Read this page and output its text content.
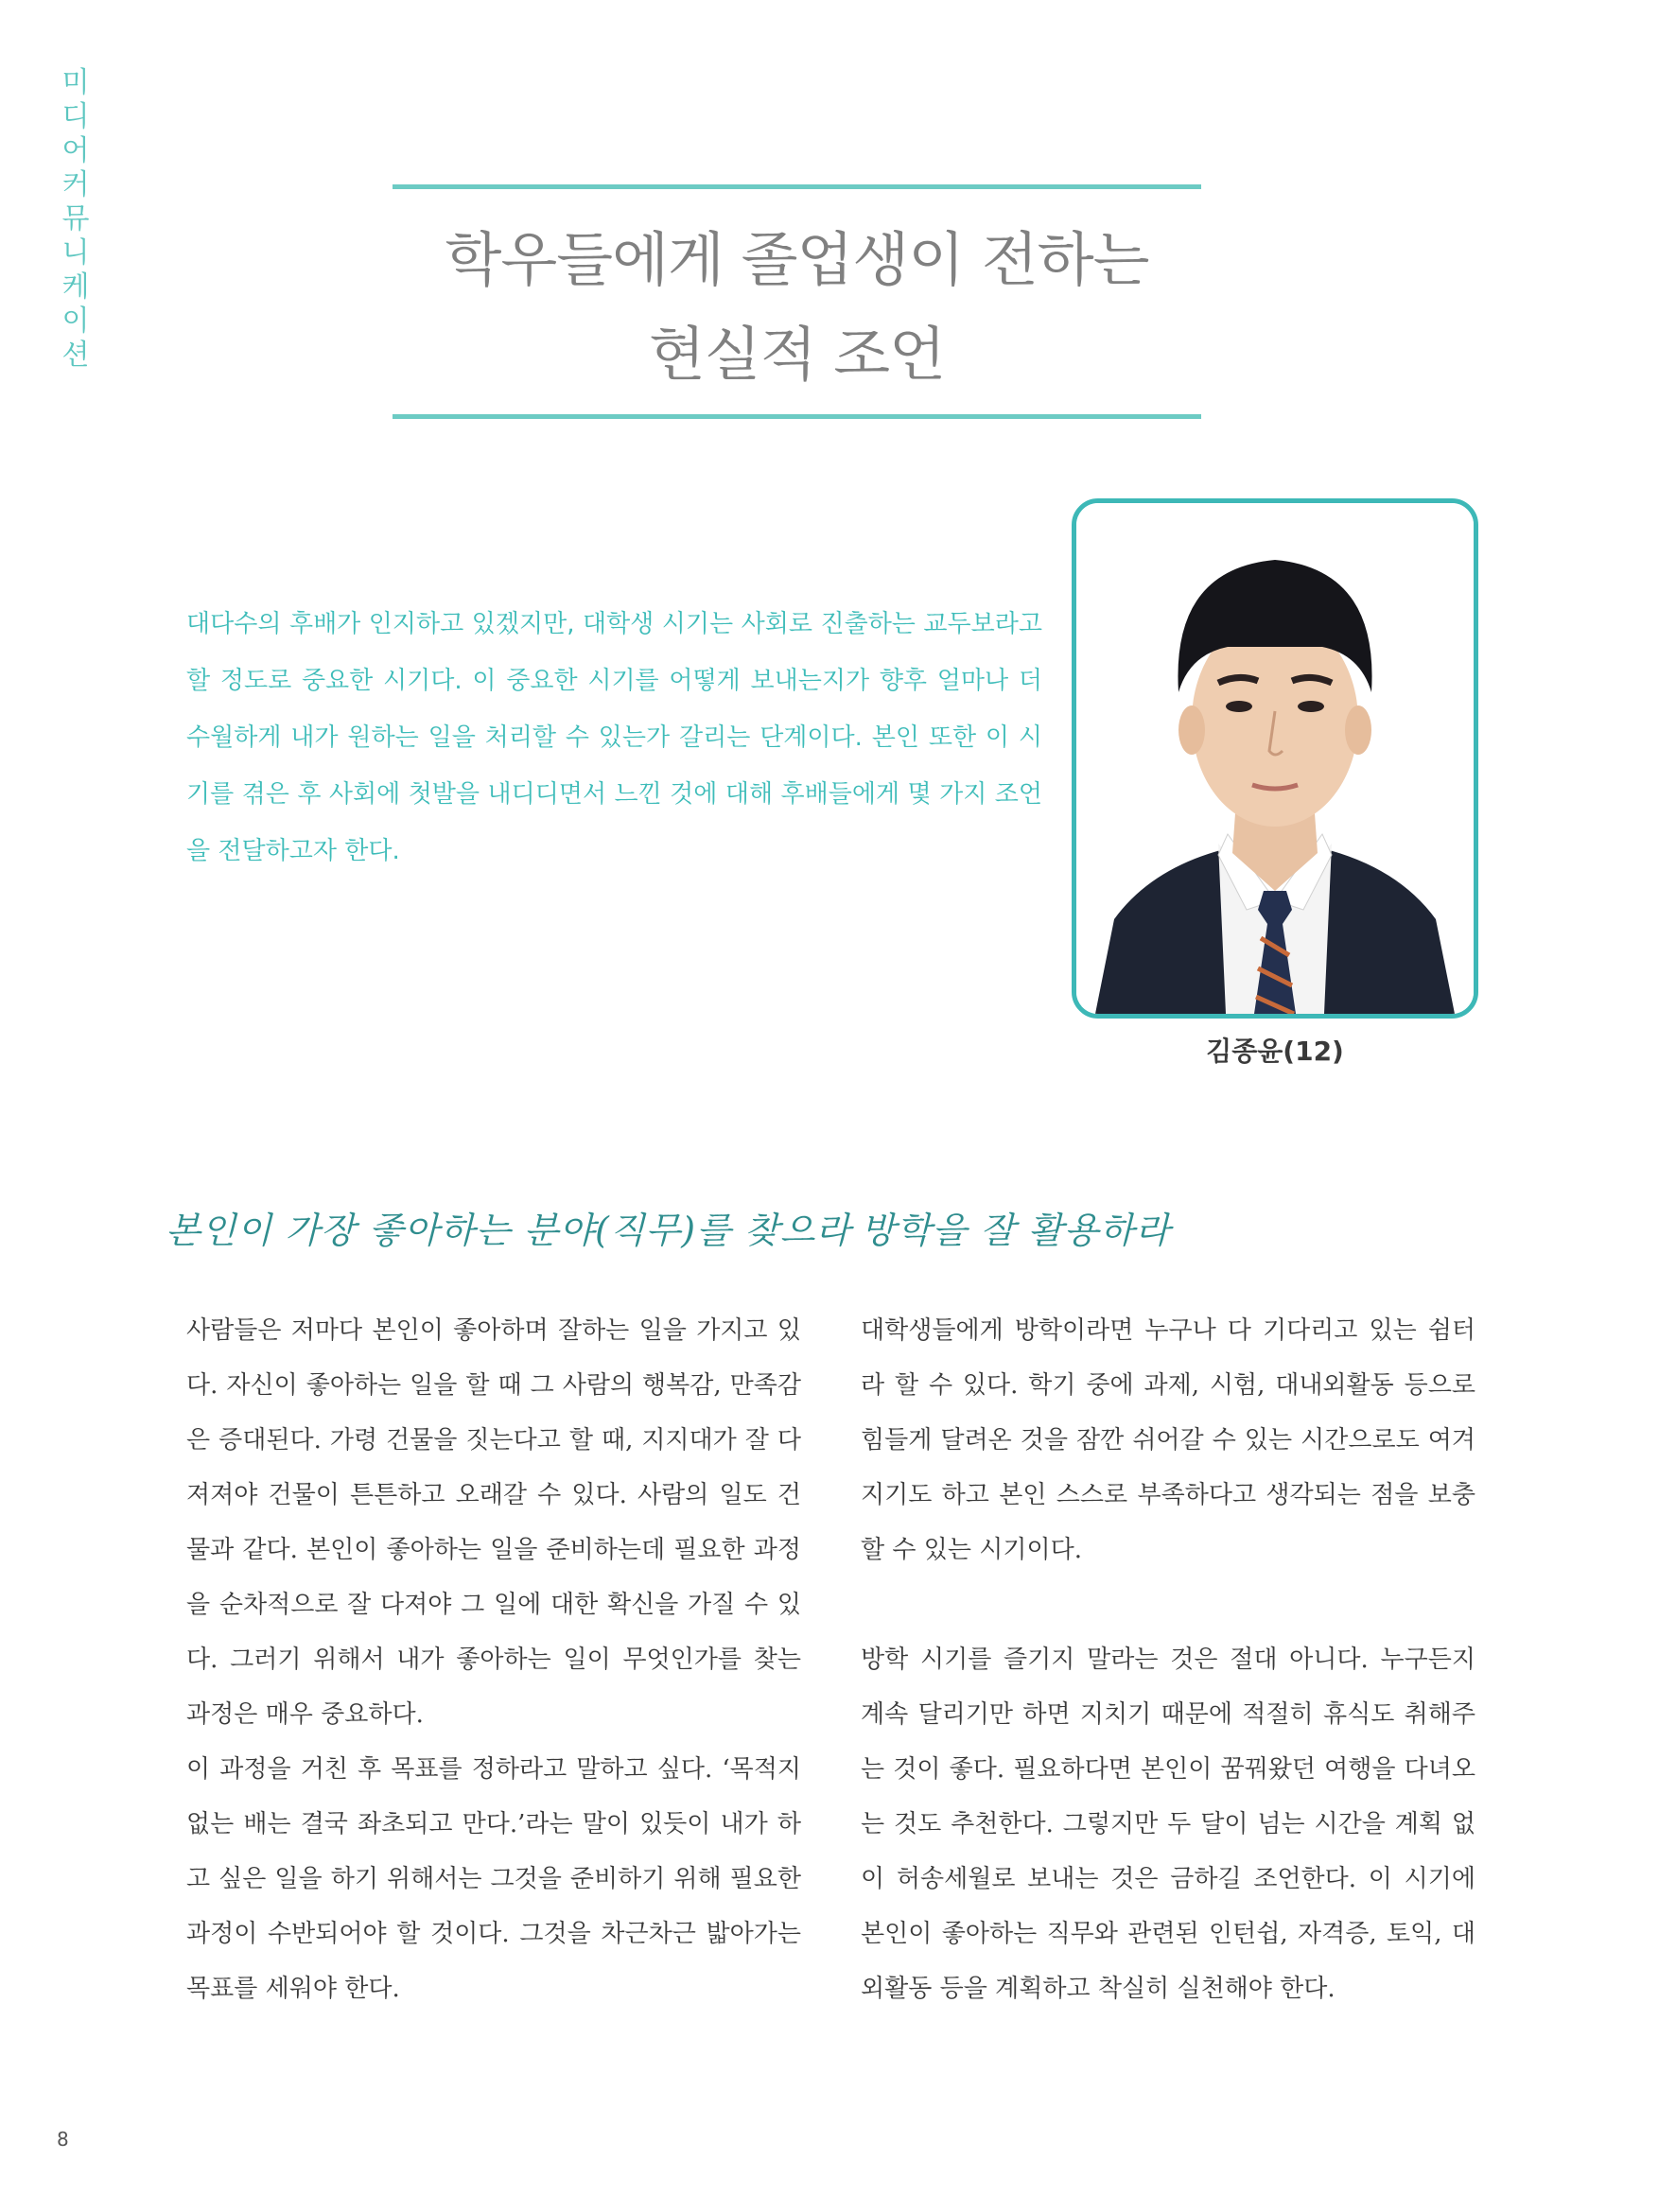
미
디
어
커
뮤
니
케
이
션
학우들에게 졸업생이 전하는
현실적 조언
대다수의 후배가 인지하고 있겠지만, 대학생 시기는 사회로 진출하는 교두보라고 할 정도로 중요한 시기다. 이 중요한 시기를 어떻게 보내는지가 향후 얼마나 더 수월하게 내가 원하는 일을 처리할 수 있는가 갈리는 단계이다. 본인 또한 이 시기를 겪은 후 사회에 첫발을 내디디면서 느낀 것에 대해 후배들에게 몇 가지 조언을 전달하고자 한다.
김종윤(12)
본인이 가장 좋아하는 분야(직무)를 찾으라 방학을 잘 활용하라

사람들은 저마다 본인이 좋아하며 잘하는 일을 가지고 있다. 자신이 좋아하는 일을 할 때 그 사람의 행복감, 만족감은 증대된다. 가령 건물을 짓는다고 할 때, 지지대가 잘 다져져야 건물이 튼튼하고 오래갈 수 있다. 사람의 일도 건물과 같다. 본인이 좋아하는 일을 준비하는데 필요한 과정을 순차적으로 잘 다져야 그 일에 대한 확신을 가질 수 있다. 그러기 위해서 내가 좋아하는 일이 무엇인가를 찾는 과정은 매우 중요하다.

이 과정을 거친 후 목표를 정하라고 말하고 싶다. ‘목적지 없는 배는 결국 좌초되고 만다.’라는 말이 있듯이 내가 하고 싶은 일을 하기 위해서는 그것을 준비하기 위해 필요한 과정이 수반되어야 할 것이다. 그것을 차근차근 밟아가는 목표를 세워야 한다.

대학생들에게 방학이라면 누구나 다 기다리고 있는 쉼터라 할 수 있다. 학기 중에 과제, 시험, 대내외활동 등으로 힘들게 달려온 것을 잠깐 쉬어갈 수 있는 시간으로도 여겨지기도 하고 본인 스스로 부족하다고 생각되는 점을 보충할 수 있는 시기이다.

방학 시기를 즐기지 말라는 것은 절대 아니다. 누구든지 계속 달리기만 하면 지치기 때문에 적절히 휴식도 취해주는 것이 좋다. 필요하다면 본인이 꿈꿔왔던 여행을 다녀오는 것도 추천한다. 그렇지만 두 달이 넘는 시간을 계획 없이 허송세월로 보내는 것은 금하길 조언한다. 이 시기에 본인이 좋아하는 직무와 관련된 인턴쉽, 자격증, 토익, 대외활동 등을 계획하고 착실히 실천해야 한다.

8
